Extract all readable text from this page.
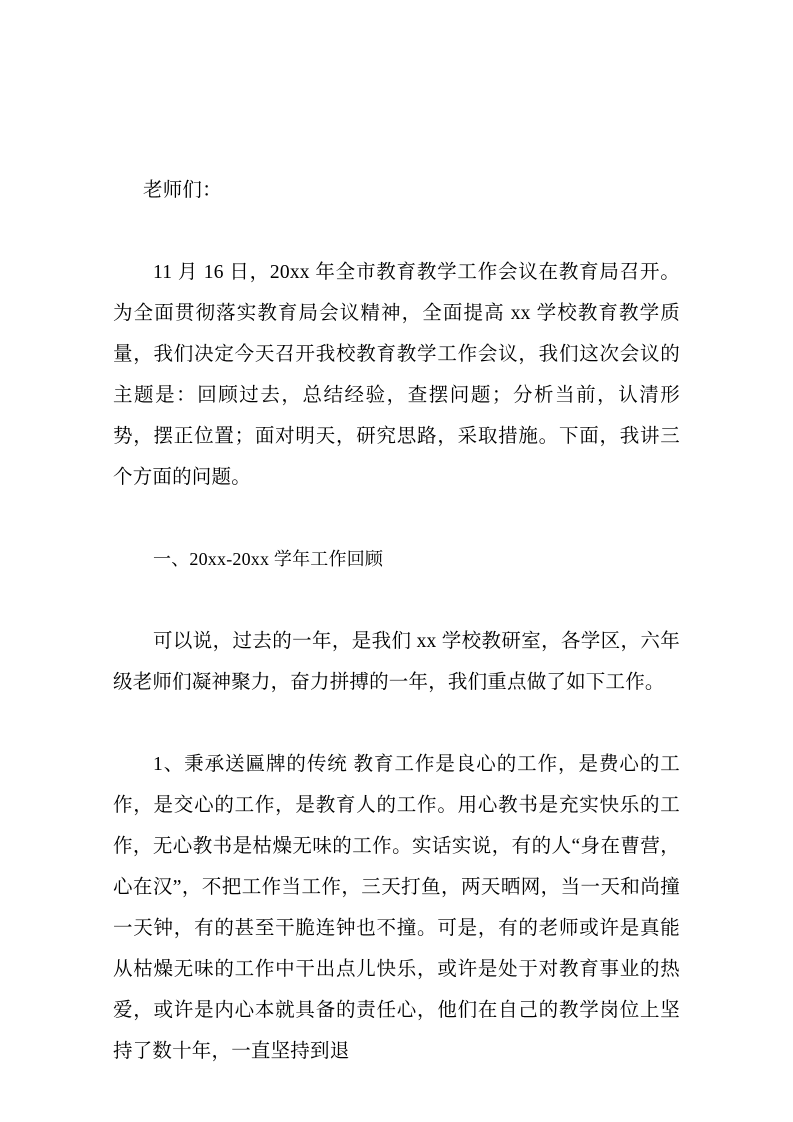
老师们：

11 月 16 日，20xx 年全市教育教学工作会议在教育局召开。为全面贯彻落实教育局会议精神，全面提高 xx 学校教育教学质量，我们决定今天召开我校教育教学工作会议，我们这次会议的主题是：回顾过去，总结经验，查摆问题；分析当前，认清形势，摆正位置；面对明天，研究思路，采取措施。下面，我讲三个方面的问题。

一、20xx-20xx 学年工作回顾

可以说，过去的一年，是我们 xx 学校教研室，各学区，六年级老师们凝神聚力，奋力拼搏的一年，我们重点做了如下工作。

1、秉承送匾牌的传统 教育工作是良心的工作，是费心的工作，是交心的工作，是教育人的工作。用心教书是充实快乐的工作，无心教书是枯燥无味的工作。实话实说，有的人“身在曹营，心在汉”，不把工作当工作，三天打鱼，两天晒网，当一天和尚撞一天钟，有的甚至干脆连钟也不撞。可是，有的老师或许是真能从枯燥无味的工作中干出点儿快乐，或许是处于对教育事业的热爱，或许是内心本就具备的责任心，他们在自己的教学岗位上坚持了数十年，一直坚持到退
